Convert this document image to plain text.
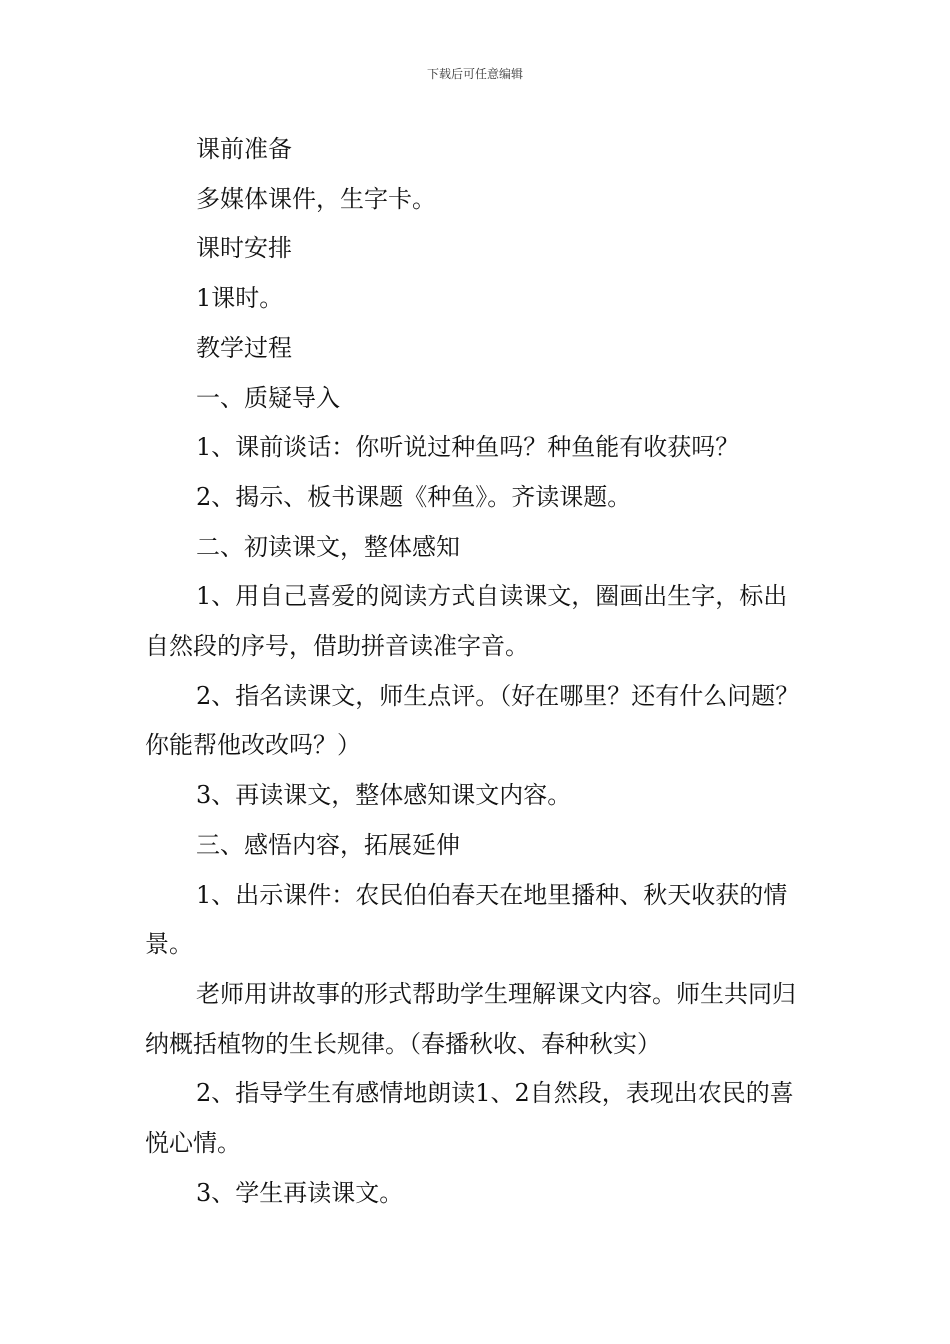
下载后可任意编辑

课前准备

多媒体课件，生字卡。

课时安排

1课时。

教学过程

一、质疑导入

1、课前谈话：你听说过种鱼吗？种鱼能有收获吗？

2、揭示、板书课题《种鱼》。齐读课题。

二、初读课文，整体感知

1、用自己喜爱的阅读方式自读课文，圈画出生字，标出自然段的序号，借助拼音读准字音。

2、指名读课文，师生点评。（好在哪里？还有什么问题？你能帮他改改吗？）

3、再读课文，整体感知课文内容。

三、感悟内容，拓展延伸

1、出示课件：农民伯伯春天在地里播种、秋天收获的情景。

老师用讲故事的形式帮助学生理解课文内容。师生共同归纳概括植物的生长规律。（春播秋收、春种秋实）

2、指导学生有感情地朗读1、2自然段，表现出农民的喜悦心情。

3、学生再读课文。
